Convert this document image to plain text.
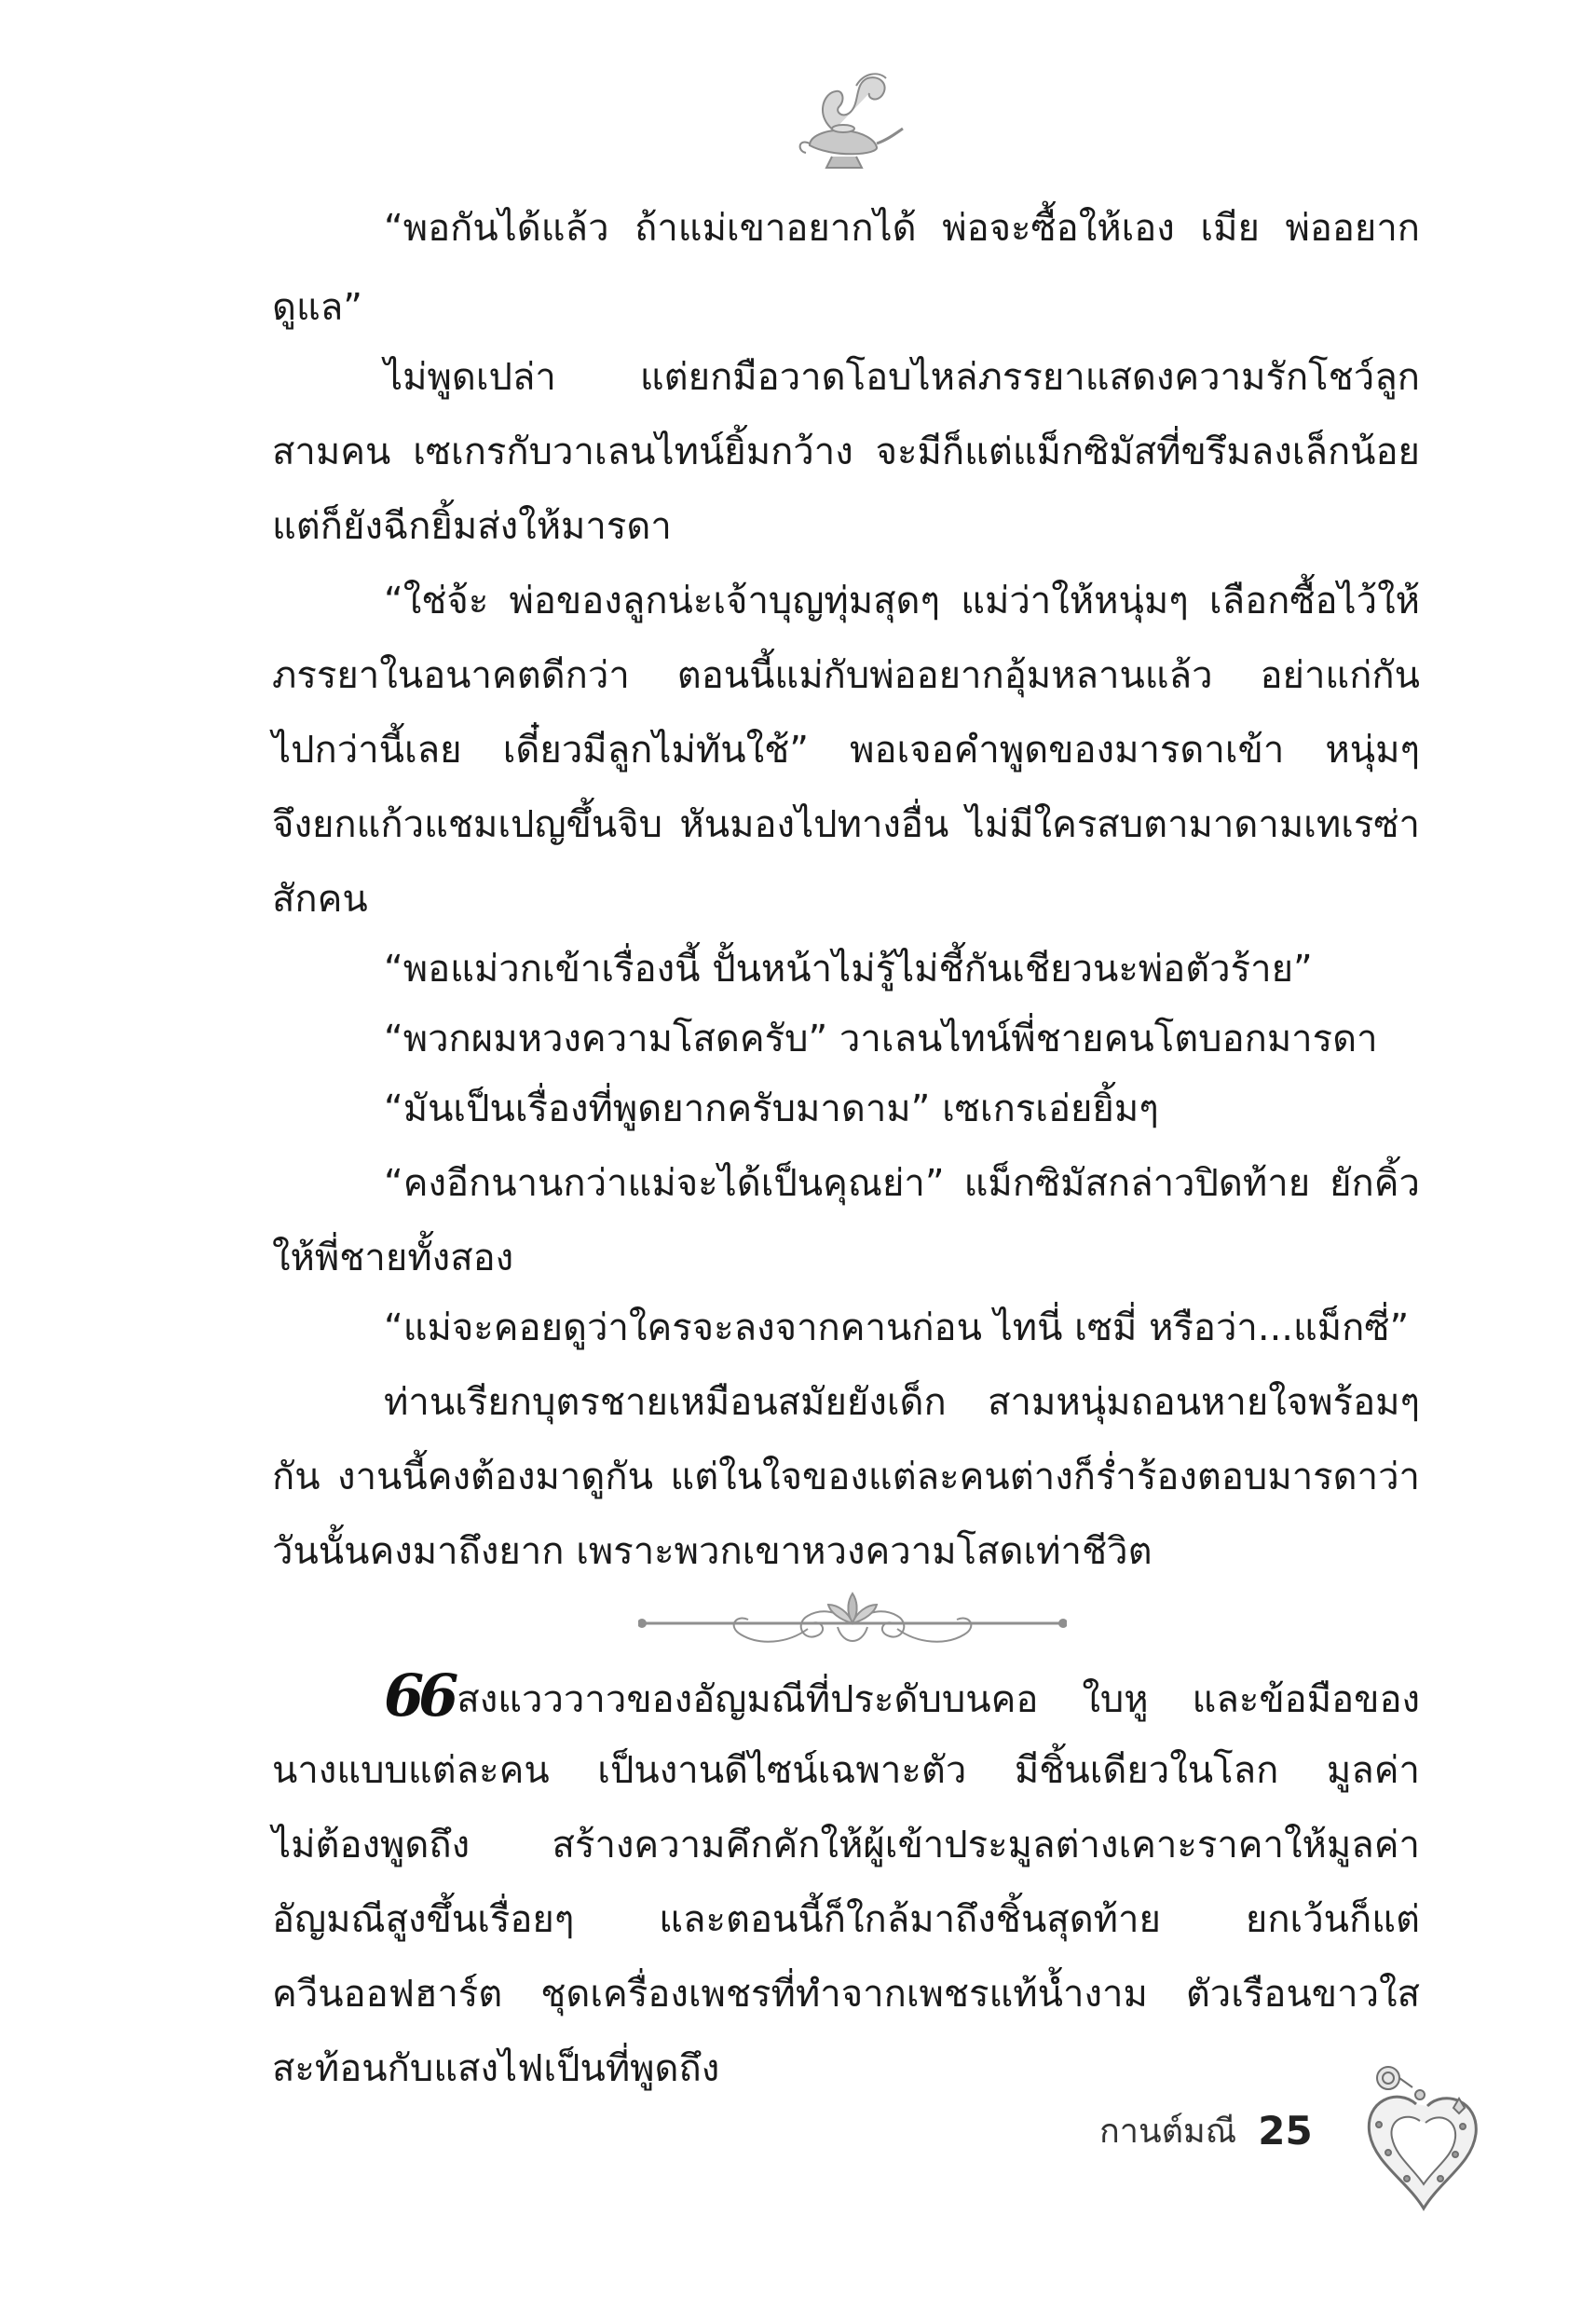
“พอกันได้แล้ว ถ้าแม่เขาอยากได้ พ่อจะซื้อให้เอง เมีย พ่ออยาก
ดูแล”
ไม่พูดเปล่า แต่ยกมือวาดโอบไหล่ภรรยาแสดงความรักโชว์ลูก
สามคน เซเกรกับวาเลนไทน์ยิ้มกว้าง จะมีก็แต่แม็กซิมัสที่ขรึมลงเล็กน้อย
แต่ก็ยังฉีกยิ้มส่งให้มารดา
“ใช่จ้ะ พ่อของลูกน่ะเจ้าบุญทุ่มสุดๆ แม่ว่าให้หนุ่มๆ เลือกซื้อไว้ให้
ภรรยาในอนาคตดีกว่า ตอนนี้แม่กับพ่ออยากอุ้มหลานแล้ว อย่าแก่กัน
ไปกว่านี้เลย เดี๋ยวมีลูกไม่ทันใช้” พอเจอคำพูดของมารดาเข้า หนุ่มๆ
จึงยกแก้วแชมเปญขึ้นจิบ หันมองไปทางอื่น ไม่มีใครสบตามาดามเทเรซ่า
สักคน
“พอแม่วกเข้าเรื่องนี้ ปั้นหน้าไม่รู้ไม่ชี้กันเชียวนะพ่อตัวร้าย”
“พวกผมหวงความโสดครับ” วาเลนไทน์พี่ชายคนโตบอกมารดา
“มันเป็นเรื่องที่พูดยากครับมาดาม” เซเกรเอ่ยยิ้มๆ
“คงอีกนานกว่าแม่จะได้เป็นคุณย่า” แม็กซิมัสกล่าวปิดท้าย ยักคิ้ว
ให้พี่ชายทั้งสอง
“แม่จะคอยดูว่าใครจะลงจากคานก่อน ไทนี่ เซมี่ หรือว่า...แม็กซี่”
ท่านเรียกบุตรชายเหมือนสมัยยังเด็ก สามหนุ่มถอนหายใจพร้อมๆ
กัน งานนี้คงต้องมาดูกัน แต่ในใจของแต่ละคนต่างก็ร่ำร้องตอบมารดาว่า
วันนั้นคงมาถึงยาก เพราะพวกเขาหวงความโสดเท่าชีวิต
66 สงแวววาวของอัญมณีที่ประดับบนคอ ใบหู และข้อมือของ
นางแบบแต่ละคน เป็นงานดีไซน์เฉพาะตัว มีชิ้นเดียวในโลก มูลค่า
ไม่ต้องพูดถึง สร้างความคึกคักให้ผู้เข้าประมูลต่างเคาะราคาให้มูลค่า
อัญมณีสูงขึ้นเรื่อยๆ และตอนนี้ก็ใกล้มาถึงชิ้นสุดท้าย ยกเว้นก็แต่
ควีนออฟฮาร์ต ชุดเครื่องเพชรที่ทำจากเพชรแท้น้ำงาม ตัวเรือนขาวใส
สะท้อนกับแสงไฟเป็นที่พูดถึง
กานต์มณี 25
